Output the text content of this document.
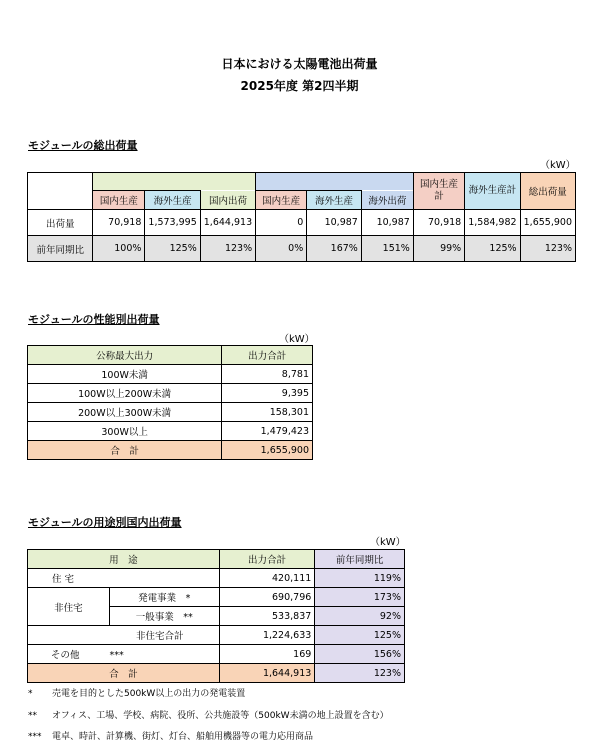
日本における太陽電池出荷量
2025年度 第2四半期
モジュールの総出荷量
（kW）
							国内生産計	海外生産計	総出荷量
	国内生産	海外生産	国内出荷	国内生産	海外生産	海外出荷			
出荷量	70,918	1,573,995	1,644,913	0	10,987	10,987	70,918	1,584,982	1,655,900
前年同期比	100%	125%	123%	0%	167%	151%	99%	125%	123%
モジュールの性能別出荷量
（kW）
公称最大出力	出力合計
100W未満	8,781
100W以上200W未満	9,395
200W以上300W未満	158,301
300W以上	1,479,423
合　計	1,655,900
モジュールの用途別国内出荷量
（kW）
用　途		出力合計	前年同期比
住 宅		420,111	119%
非住宅	発電事業　*	690,796	173%
	一般事業　**	533,837	92%
非住宅合計		1,224,633	125%
その他 ***		169	156%
合　計		1,644,913	123%
* 売電を目的とした500kW以上の出力の発電装置
** オフィス、工場、学校、病院、役所、公共施設等（500kW未満の地上設置を含む）
*** 電卓、時計、計算機、街灯、灯台、船舶用機器等の電力応用商品
